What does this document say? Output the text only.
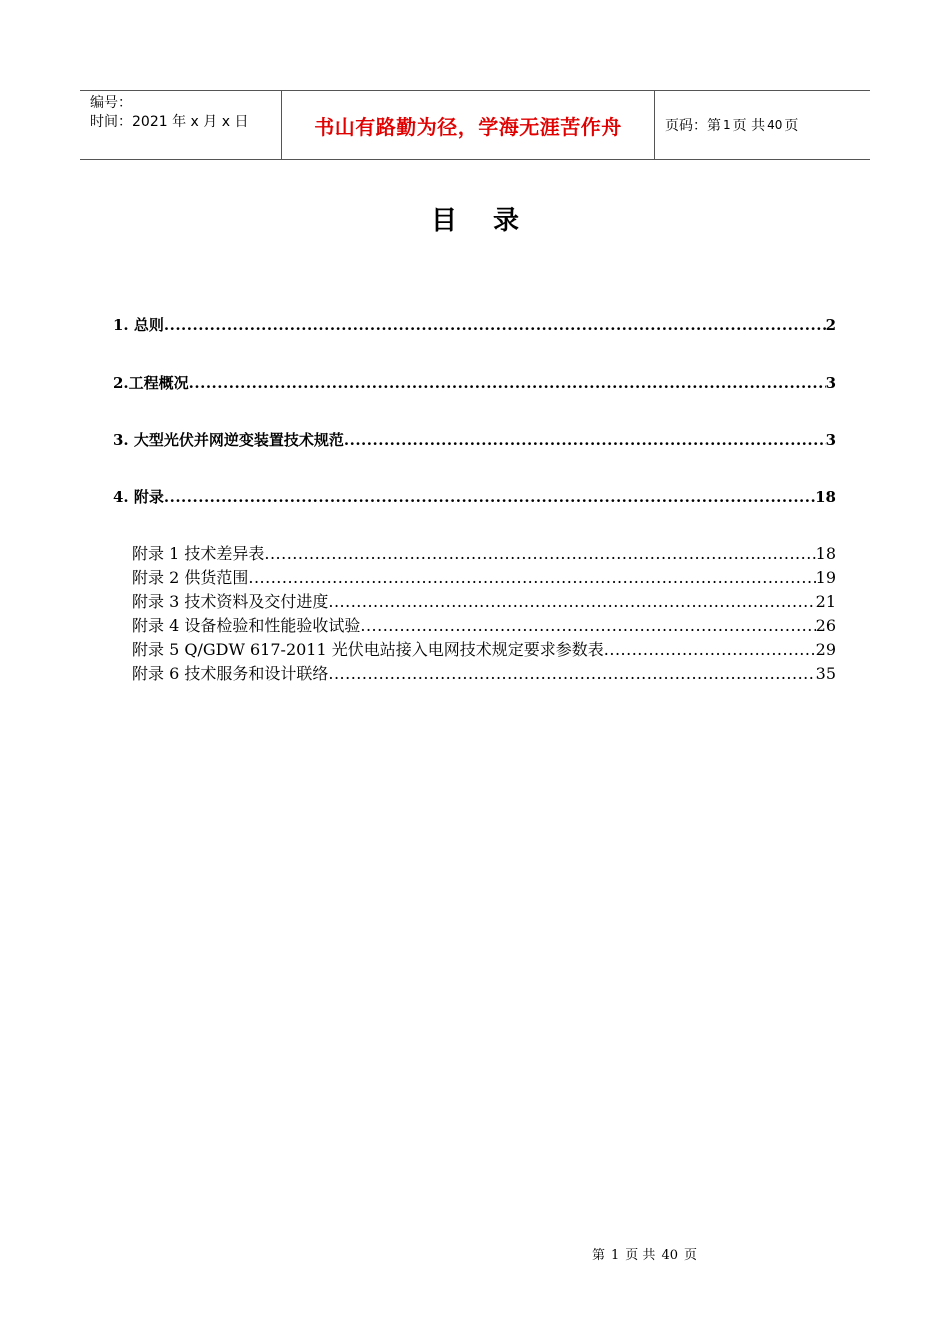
编号：
时间：2021 年 x 月 x 日	书山有路勤为径，学海无涯苦作舟	页码：第 1 页 共 40 页
目录
1. 总则 .....	2
2.工程概况 .....	3
3. 大型光伏并网逆变装置技术规范 .....	3
4. 附录 .....	18
附录 1 技术差异表 .....	18
附录 2 供货范围 .....	19
附录 3 技术资料及交付进度 .....	21
附录 4 设备检验和性能验收试验 .....	26
附录 5 Q/GDW 617-2011 光伏电站接入电网技术规定要求参数表 .....	29
附录 6 技术服务和设计联络 .....	35
第 1 页 共 40 页
